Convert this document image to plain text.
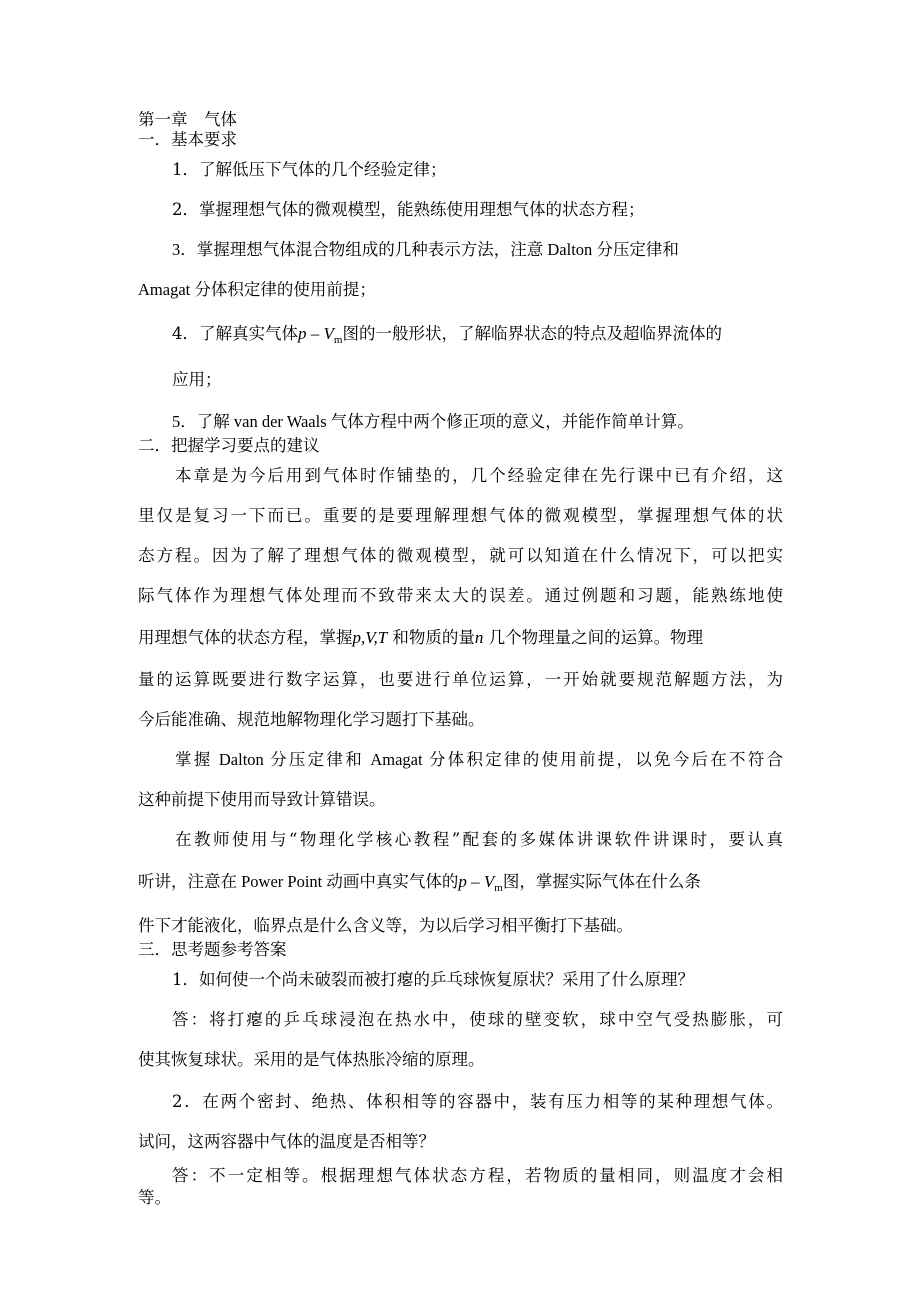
第一章　气体
一．基本要求
1．了解低压下气体的几个经验定律；
2．掌握理想气体的微观模型，能熟练使用理想气体的状态方程；
3．掌握理想气体混合物组成的几种表示方法，注意 Dalton 分压定律和
Amagat 分体积定律的使用前提；
4．了解真实气体p – $V_m$图的一般形状，了解临界状态的特点及超临界流体的
应用；
5．了解 van der Waals 气体方程中两个修正项的意义，并能作简单计算。
二．把握学习要点的建议
本章是为今后用到气体时作铺垫的，几个经验定律在先行课中已有介绍，这
里仅是复习一下而已。重要的是要理解理想气体的微观模型，掌握理想气体的状
态方程。因为了解了理想气体的微观模型，就可以知道在什么情况下，可以把实
际气体作为理想气体处理而不致带来太大的误差。通过例题和习题，能熟练地使
用理想气体的状态方程，掌握p,V,T 和物质的量n 几个物理量之间的运算。物理
量的运算既要进行数字运算，也要进行单位运算，一开始就要规范解题方法，为
今后能准确、规范地解物理化学习题打下基础。
掌握 Dalton 分压定律和 Amagat 分体积定律的使用前提，以免今后在不符合
这种前提下使用而导致计算错误。
在教师使用与“物理化学核心教程”配套的多媒体讲课软件讲课时，要认真
听讲，注意在 Power Point 动画中真实气体的p – $V_m$图，掌握实际气体在什么条
件下才能液化，临界点是什么含义等，为以后学习相平衡打下基础。
三．思考题参考答案
1．如何使一个尚未破裂而被打瘪的乒乓球恢复原状？采用了什么原理？
答：将打瘪的乒乓球浸泡在热水中，使球的壁变软，球中空气受热膨胀，可
使其恢复球状。采用的是气体热胀冷缩的原理。
2．在两个密封、绝热、体积相等的容器中，装有压力相等的某种理想气体。
试问，这两容器中气体的温度是否相等？
答：不一定相等。根据理想气体状态方程，若物质的量相同，则温度才会相
等。
